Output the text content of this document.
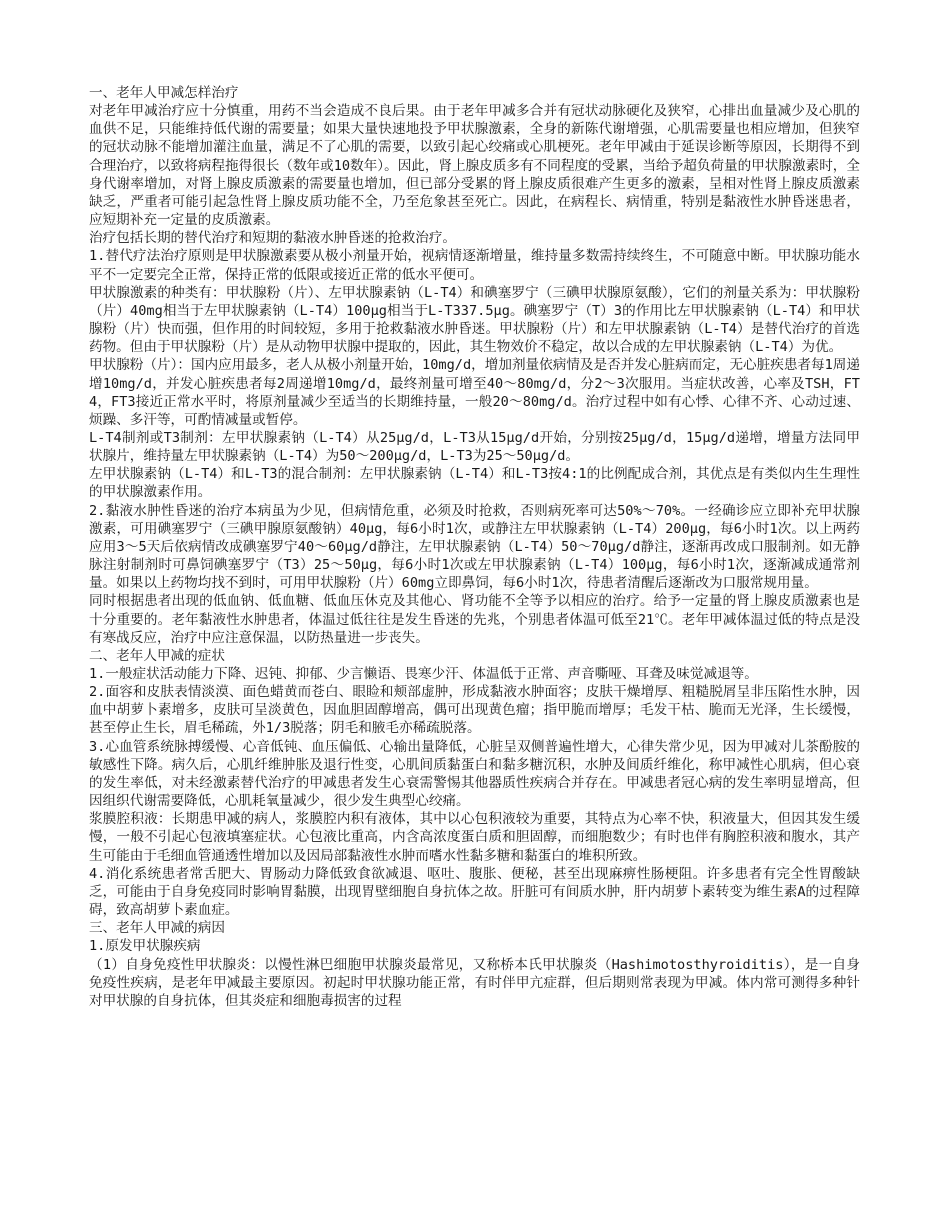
一、老年人甲减怎样治疗

对老年甲减治疗应十分慎重，用药不当会造成不良后果。由于老年甲减多合并有冠状动脉硬化及狭窄，心排出血量减少及心肌的血供不足，只能维持低代谢的需要量；如果大量快速地投予甲状腺激素，全身的新陈代谢增强，心肌需要量也相应增加，但狭窄的冠状动脉不能增加灌注血量，满足不了心肌的需要，以致引起心绞痛或心肌梗死。老年甲减由于延误诊断等原因，长期得不到合理治疗，以致将病程拖得很长（数年或10数年）。因此，肾上腺皮质多有不同程度的受累，当给予超负荷量的甲状腺激素时，全身代谢率增加，对肾上腺皮质激素的需要量也增加，但已部分受累的肾上腺皮质很难产生更多的激素，呈相对性肾上腺皮质激素缺乏，严重者可能引起急性肾上腺皮质功能不全，乃至危象甚至死亡。因此，在病程长、病情重，特别是黏液性水肿昏迷患者，应短期补充一定量的皮质激素。

治疗包括长期的替代治疗和短期的黏液水肿昏迷的抢救治疗。

1.替代疗法治疗原则是甲状腺激素要从极小剂量开始，视病情逐渐增量，维持量多数需持续终生，不可随意中断。甲状腺功能水平不一定要完全正常，保持正常的低限或接近正常的低水平便可。

甲状腺激素的种类有：甲状腺粉（片）、左甲状腺素钠（L-T4）和碘塞罗宁（三碘甲状腺原氨酸），它们的剂量关系为：甲状腺粉（片）40mg相当于左甲状腺素钠（L-T4）100μg相当于L-T337.5μg。碘塞罗宁（T）3的作用比左甲状腺素钠（L-T4）和甲状腺粉（片）快而强，但作用的时间较短，多用于抢救黏液水肿昏迷。甲状腺粉（片）和左甲状腺素钠（L-T4）是替代治疗的首选药物。但由于甲状腺粉（片）是从动物甲状腺中提取的，因此，其生物效价不稳定，故以合成的左甲状腺素钠（L-T4）为优。

甲状腺粉（片）：国内应用最多，老人从极小剂量开始，10mg/d，增加剂量依病情及是否并发心脏病而定，无心脏疾患者每1周递增10mg/d，并发心脏疾患者每2周递增10mg/d，最终剂量可增至40～80mg/d，分2～3次服用。当症状改善，心率及TSH，FT4，FT3接近正常水平时，将原剂量减少至适当的长期维持量，一般20～80mg/d。治疗过程中如有心悸、心律不齐、心动过速、烦躁、多汗等，可酌情减量或暂停。

L-T4制剂或T3制剂：左甲状腺素钠（L-T4）从25μg/d，L-T3从15μg/d开始，分别按25μg/d，15μg/d递增，增量方法同甲状腺片，维持量左甲状腺素钠（L-T4）为50～200μg/d，L-T3为25～50μg/d。

左甲状腺素钠（L-T4）和L-T3的混合制剂：左甲状腺素钠（L-T4）和L-T3按4:1的比例配成合剂，其优点是有类似内生生理性的甲状腺激素作用。

2.黏液水肿性昏迷的治疗本病虽为少见，但病情危重，必须及时抢救，否则病死率可达50%～70%。一经确诊应立即补充甲状腺激素，可用碘塞罗宁（三碘甲腺原氨酸钠）40μg，每6小时1次，或静注左甲状腺素钠（L-T4）200μg，每6小时1次。以上两药应用3～5天后依病情改成碘塞罗宁40～60μg/d静注，左甲状腺素钠（L-T4）50～70μg/d静注，逐渐再改成口服制剂。如无静脉注射制剂时可鼻饲碘塞罗宁（T3）25～50μg，每6小时1次或左甲状腺素钠（L-T4）100μg，每6小时1次，逐渐减成通常剂量。如果以上药物均找不到时，可用甲状腺粉（片）60mg立即鼻饲，每6小时1次，待患者清醒后逐渐改为口服常规用量。

同时根据患者出现的低血钠、低血糖、低血压休克及其他心、肾功能不全等予以相应的治疗。给予一定量的肾上腺皮质激素也是十分重要的。老年黏液性水肿患者，体温过低往往是发生昏迷的先兆，个别患者体温可低至21℃。老年甲减体温过低的特点是没有寒战反应，治疗中应注意保温，以防热量进一步丧失。

二、老年人甲减的症状

1.一般症状活动能力下降、迟钝、抑郁、少言懒语、畏寒少汗、体温低于正常、声音嘶哑、耳聋及味觉减退等。

2.面容和皮肤表情淡漠、面色蜡黄而苍白、眼睑和颊部虚肿，形成黏液水肿面容；皮肤干燥增厚、粗糙脱屑呈非压陷性水肿，因血中胡萝卜素增多，皮肤可呈淡黄色，因血胆固醇增高，偶可出现黄色瘤；指甲脆而增厚；毛发干枯、脆而无光泽，生长缓慢，甚至停止生长，眉毛稀疏，外1/3脱落；阴毛和腋毛亦稀疏脱落。

3.心血管系统脉搏缓慢、心音低钝、血压偏低、心输出量降低，心脏呈双侧普遍性增大，心律失常少见，因为甲减对儿茶酚胺的敏感性下降。病久后，心肌纤维肿胀及退行性变，心肌间质黏蛋白和黏多糖沉积，水肿及间质纤维化，称甲减性心肌病，但心衰的发生率低，对未经激素替代治疗的甲减患者发生心衰需警惕其他器质性疾病合并存在。甲减患者冠心病的发生率明显增高，但因组织代谢需要降低，心肌耗氧量减少，很少发生典型心绞痛。

浆膜腔积液：长期患甲减的病人，浆膜腔内积有液体，其中以心包积液较为重要，其特点为心率不快，积液量大，但因其发生缓慢，一般不引起心包液填塞症状。心包液比重高，内含高浓度蛋白质和胆固醇，而细胞数少；有时也伴有胸腔积液和腹水，其产生可能由于毛细血管通透性增加以及因局部黏液性水肿而嗜水性黏多糖和黏蛋白的堆积所致。

4.消化系统患者常舌肥大、胃肠动力降低致食欲减退、呕吐、腹胀、便秘，甚至出现麻痹性肠梗阻。许多患者有完全性胃酸缺乏，可能由于自身免疫同时影响胃黏膜，出现胃壁细胞自身抗体之故。肝脏可有间质水肿，肝内胡萝卜素转变为维生素A的过程障碍，致高胡萝卜素血症。

三、老年人甲减的病因

1.原发甲状腺疾病

（1）自身免疫性甲状腺炎：以慢性淋巴细胞甲状腺炎最常见，又称桥本氏甲状腺炎（Hashimotosthyroiditis），是一自身免疫性疾病，是老年甲减最主要原因。初起时甲状腺功能正常，有时伴甲亢症群，但后期则常表现为甲减。体内常可测得多种针对甲状腺的自身抗体，但其炎症和细胞毒损害的过程
